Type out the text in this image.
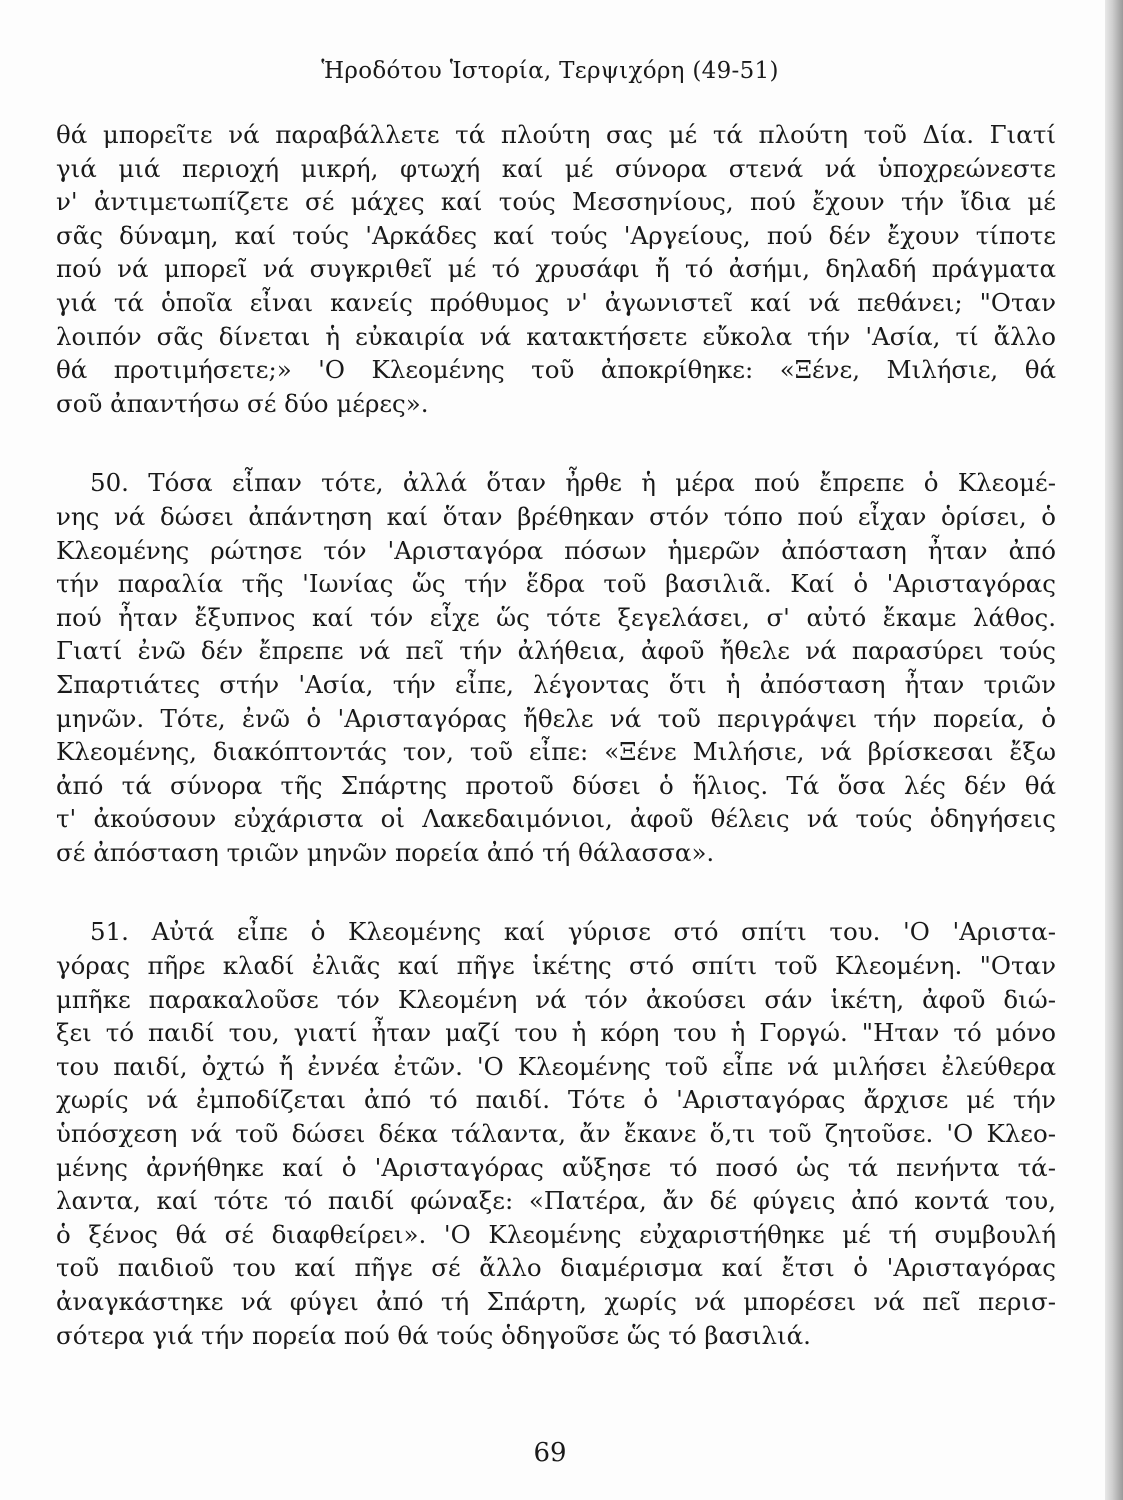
Ἡροδότου Ἱστορία, Τερψιχόρη (49-51)

θά μπορεῖτε νά παραβάλλετε τά πλούτη σας μέ τά πλούτη τοῦ Δία. Γιατί
γιά μιά περιοχή μικρή, φτωχή καί μέ σύνορα στενά νά ὑποχρεώνεστε
ν' ἀντιμετωπίζετε σέ μάχες καί τούς Μεσσηνίους, πού ἔχουν τήν ἴδια μέ
σᾶς δύναμη, καί τούς 'Αρκάδες καί τούς 'Αργείους, πού δέν ἔχουν τίποτε
πού νά μπορεῖ νά συγκριθεῖ μέ τό χρυσάφι ἤ τό ἀσήμι, δηλαδή πράγματα
γιά τά ὁποῖα εἶναι κανείς πρόθυμος ν' ἀγωνιστεῖ καί νά πεθάνει; "Οταν
λοιπόν σᾶς δίνεται ἡ εὐκαιρία νά κατακτήσετε εὔκολα τήν 'Ασία, τί ἄλλο
θά προτιμήσετε;» 'Ο Κλεομένης τοῦ ἀποκρίθηκε: «Ξένε, Μιλήσιε, θά
σοῦ ἀπαντήσω σέ δύο μέρες».

50. Τόσα εἶπαν τότε, ἀλλά ὅταν ἦρθε ἡ μέρα πού ἔπρεπε ὁ Κλεομέ-
νης νά δώσει ἀπάντηση καί ὅταν βρέθηκαν στόν τόπο πού εἶχαν ὁρίσει, ὁ
Κλεομένης ρώτησε τόν 'Αρισταγόρα πόσων ἡμερῶν ἀπόσταση ἦταν ἀπό
τήν παραλία τῆς 'Ιωνίας ὥς τήν ἕδρα τοῦ βασιλιᾶ. Καί ὁ 'Αρισταγόρας
πού ἦταν ἔξυπνος καί τόν εἶχε ὥς τότε ξεγελάσει, σ' αὐτό ἔκαμε λάθος.
Γιατί ἐνῶ δέν ἔπρεπε νά πεῖ τήν ἀλήθεια, ἀφοῦ ἤθελε νά παρασύρει τούς
Σπαρτιάτες στήν 'Ασία, τήν εἶπε, λέγοντας ὅτι ἡ ἀπόσταση ἦταν τριῶν
μηνῶν. Τότε, ἐνῶ ὁ 'Αρισταγόρας ἤθελε νά τοῦ περιγράψει τήν πορεία, ὁ
Κλεομένης, διακόπτοντάς τον, τοῦ εἶπε: «Ξένε Μιλήσιε, νά βρίσκεσαι ἔξω
ἀπό τά σύνορα τῆς Σπάρτης προτοῦ δύσει ὁ ἥλιος. Τά ὅσα λές δέν θά
τ' ἀκούσουν εὐχάριστα οἱ Λακεδαιμόνιοι, ἀφοῦ θέλεις νά τούς ὁδηγήσεις
σέ ἀπόσταση τριῶν μηνῶν πορεία ἀπό τή θάλασσα».

51. Αὐτά εἶπε ὁ Κλεομένης καί γύρισε στό σπίτι του. 'Ο 'Αριστα-
γόρας πῆρε κλαδί ἐλιᾶς καί πῆγε ἱκέτης στό σπίτι τοῦ Κλεομένη. "Οταν
μπῆκε παρακαλοῦσε τόν Κλεομένη νά τόν ἀκούσει σάν ἱκέτη, ἀφοῦ διώ-
ξει τό παιδί του, γιατί ἦταν μαζί του ἡ κόρη του ἡ Γοργώ. "Ηταν τό μόνο
του παιδί, ὀχτώ ἤ ἐννέα ἐτῶν. 'Ο Κλεομένης τοῦ εἶπε νά μιλήσει ἐλεύθερα
χωρίς νά ἐμποδίζεται ἀπό τό παιδί. Τότε ὁ 'Αρισταγόρας ἄρχισε μέ τήν
ὑπόσχεση νά τοῦ δώσει δέκα τάλαντα, ἄν ἔκανε ὅ,τι τοῦ ζητοῦσε. 'Ο Κλεο-
μένης ἀρνήθηκε καί ὁ 'Αρισταγόρας αὔξησε τό ποσό ὡς τά πενήντα τά-
λαντα, καί τότε τό παιδί φώναξε: «Πατέρα, ἄν δέ φύγεις ἀπό κοντά του,
ὁ ξένος θά σέ διαφθείρει». 'Ο Κλεομένης εὐχαριστήθηκε μέ τή συμβουλή
τοῦ παιδιοῦ του καί πῆγε σέ ἄλλο διαμέρισμα καί ἔτσι ὁ 'Αρισταγόρας
ἀναγκάστηκε νά φύγει ἀπό τή Σπάρτη, χωρίς νά μπορέσει νά πεῖ περισ-
σότερα γιά τήν πορεία πού θά τούς ὁδηγοῦσε ὥς τό βασιλιά.

69
